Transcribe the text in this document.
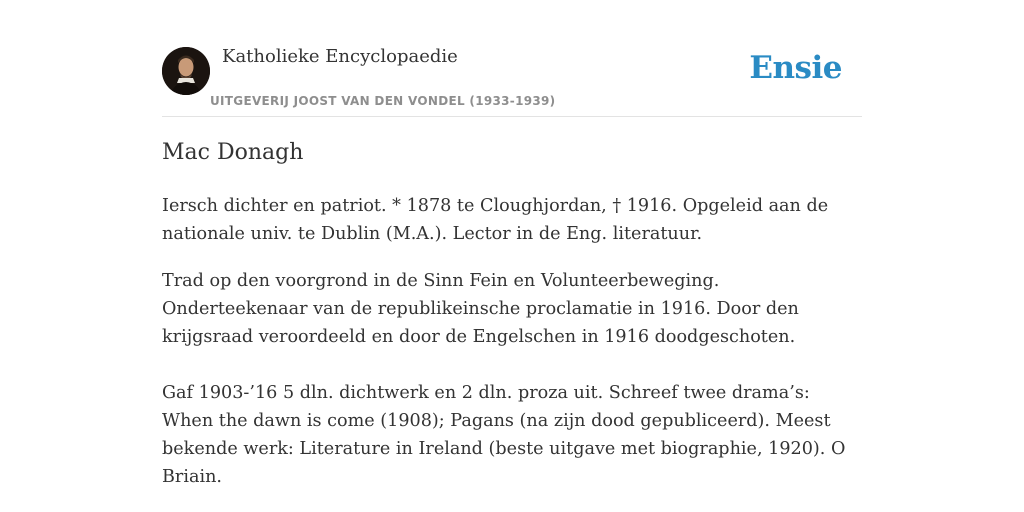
Katholieke Encyclopaedie
UITGEVERIJ JOOST VAN DEN VONDEL (1933-1939)
Ensie
Mac Donagh

Iersch dichter en patriot. * 1878 te Cloughjordan, † 1916. Opgeleid aan de nationale univ. te Dublin (M.A.). Lector in de Eng. literatuur.

Trad op den voorgrond in de Sinn Fein en Volunteerbeweging. Onderteekenaar van de republikeinsche proclamatie in 1916. Door den krijgsraad veroordeeld en door de Engelschen in 1916 doodgeschoten.

Gaf 1903-’16 5 dln. dichtwerk en 2 dln. proza uit. Schreef twee drama’s: When the dawn is come (1908); Pagans (na zijn dood gepubliceerd). Meest bekende werk: Literature in Ireland (beste uitgave met biographie, 1920). O Briain.
